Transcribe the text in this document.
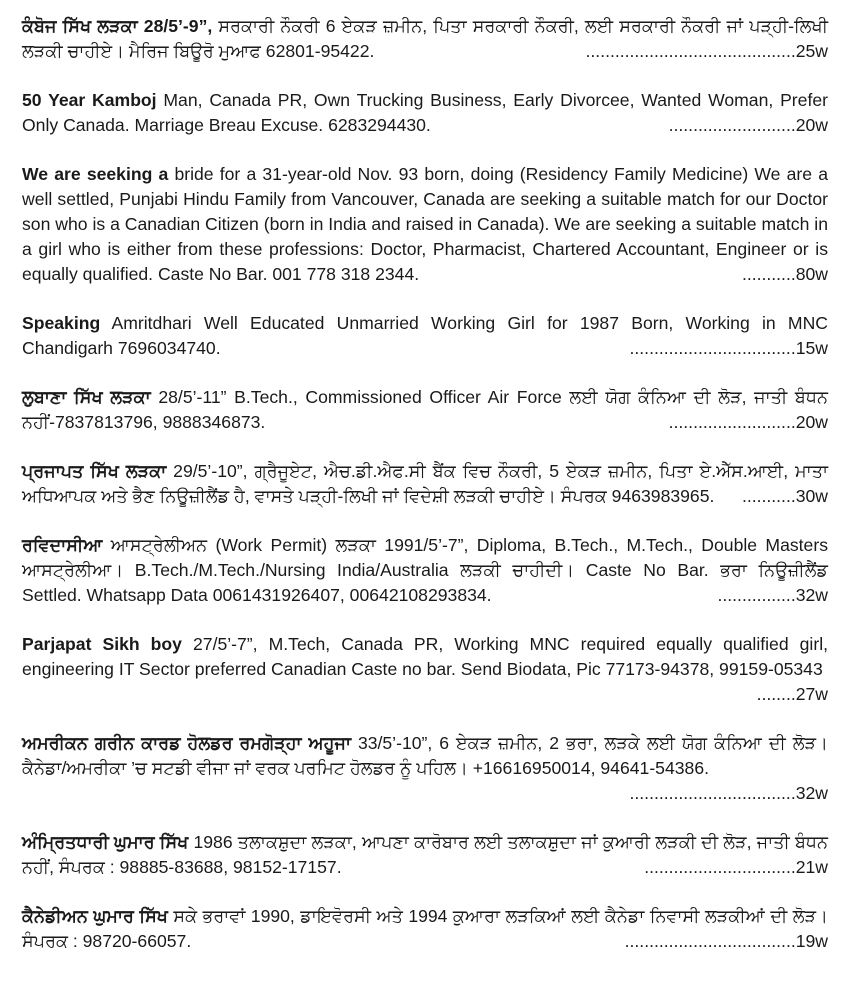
ਕੰਬੋਜ ਸਿੱਖ ਲੜਕਾ 28/5’-9”, ਸਰਕਾਰੀ ਨੌਕਰੀ 6 ਏਕੜ ਜ਼ਮੀਨ, ਪਿਤਾ ਸਰਕਾਰੀ ਨੌਕਰੀ, ਲਈ ਸਰਕਾਰੀ ਨੌਕਰੀ ਜਾਂ ਪੜ੍ਹੀ-ਲਿਖੀ ਲੜਕੀ ਚਾਹੀਏ। ਮੈਰਿਜ ਬਿਊਰੋ ਮੁਆਫ 62801-95422.	...........................................25w
50 Year Kamboj Man, Canada PR, Own Trucking Business, Early Divorcee, Wanted Woman, Prefer Only Canada. Marriage Breau Excuse. 6283294430.	..........................20w
We are seeking a bride for a 31-year-old Nov. 93 born, doing (Residency Family Medicine) We are a well settled, Punjabi Hindu Family from Vancouver, Canada are seeking a suitable match for our Doctor son who is a Canadian Citizen (born in India and raised in Canada). We are seeking a suitable match in a girl who is either from these professions: Doctor, Pharmacist, Chartered Accountant, Engineer or is equally qualified. Caste No Bar. 001 778 318 2344.	...........80w
Speaking Amritdhari Well Educated Unmarried Working Girl for 1987 Born, Working in MNC Chandigarh 7696034740.	..................................15w
ਲੁਬਾਣਾ ਸਿੱਖ ਲੜਕਾ 28/5’-11” B.Tech., Commissioned Officer Air Force ਲਈ ਯੋਗ ਕੰਨਿਆ ਦੀ ਲੋੜ, ਜਾਤੀ ਬੰਧਨ ਨਹੀਂ-7837813796, 9888346873.	..........................20w
ਪ੍ਰਜਾਪਤ ਸਿੱਖ ਲੜਕਾ 29/5’-10”, ਗ੍ਰੈਜੂਏਟ, ਐਚ.ਡੀ.ਐਫ.ਸੀ ਬੈਂਕ ਵਿਚ ਨੌਕਰੀ, 5 ਏਕੜ ਜ਼ਮੀਨ, ਪਿਤਾ ਏ.ਐੱਸ.ਆਈ, ਮਾਤਾ ਅਧਿਆਪਕ ਅਤੇ ਭੈਣ ਨਿਊਜ਼ੀਲੈਂਡ ਹੈ, ਵਾਸਤੇ ਪੜ੍ਹੀ-ਲਿਖੀ ਜਾਂ ਵਿਦੇਸ਼ੀ ਲੜਕੀ ਚਾਹੀਏ। ਸੰਪਰਕ 9463983965. ...........30w
ਰਵਿਦਾਸੀਆ ਆਸਟ੍ਰੇਲੀਅਨ (Work Permit) ਲੜਕਾ 1991/5’-7”, Diploma, B.Tech., M.Tech., Double Masters ਆਸਟ੍ਰੇਲੀਆ। B.Tech./M.Tech./Nursing India/Australia ਲੜਕੀ ਚਾਹੀਦੀ। Caste No Bar. ਭਰਾ ਨਿਊਜ਼ੀਲੈਂਡ Settled. Whatsapp Data 0061431926407, 00642108293834.	................32w
Parjapat Sikh boy 27/5’-7”, M.Tech, Canada PR, Working MNC required equally qualified girl, engineering IT Sector preferred Canadian Caste no bar. Send Biodata, Pic 77173-94378, 99159-05343
........27w
ਅਮਰੀਕਨ ਗਰੀਨ ਕਾਰਡ ਹੋਲਡਰ ਰਮਗੋੜ੍ਹਾ ਅਹੂਜਾ 33/5’-10”, 6 ਏਕੜ ਜ਼ਮੀਨ, 2 ਭਰਾ, ਲੜਕੇ ਲਈ ਯੋਗ ਕੰਨਿਆ ਦੀ ਲੋੜ। ਕੈਨੇਡਾ/ਅਮਰੀਕਾ ’ਚ ਸਟਡੀ ਵੀਜਾ ਜਾਂ ਵਰਕ ਪਰਮਿਟ ਹੋਲਡਰ ਨੂੰ ਪਹਿਲ। +16616950014, 94641-54386.
..................................32w
ਅੰਮ੍ਰਿਤਧਾਰੀ ਘੁਮਾਰ ਸਿੱਖ 1986 ਤਲਾਕਸ਼ੁਦਾ ਲੜਕਾ, ਆਪਣਾ ਕਾਰੋਬਾਰ ਲਈ ਤਲਾਕਸ਼ੁਦਾ ਜਾਂ ਕੁਆਰੀ ਲੜਕੀ ਦੀ ਲੋੜ, ਜਾਤੀ ਬੰਧਨ ਨਹੀਂ, ਸੰਪਰਕ : 98885-83688, 98152-17157.	...............................21w
ਕੈਨੇਡੀਅਨ ਘੁਮਾਰ ਸਿੱਖ ਸਕੇ ਭਰਾਵਾਂ 1990, ਡਾਇਵੋਰਸੀ ਅਤੇ 1994 ਕੁਆਰਾ ਲੜਕਿਆਂ ਲਈ ਕੈਨੇਡਾ ਨਿਵਾਸੀ ਲੜਕੀਆਂ ਦੀ ਲੋੜ। ਸੰਪਰਕ : 98720-66057.	...................................19w
